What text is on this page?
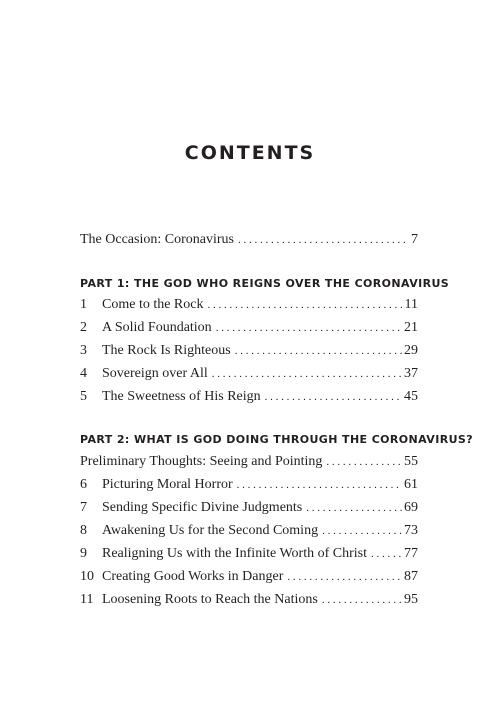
CONTENTS
The Occasion: Coronavirus . . .	7
PART 1: THE GOD WHO REIGNS OVER THE CORONAVIRUS
1	Come to the Rock . . .	11
2	A Solid Foundation . . .	21
3	The Rock Is Righteous . . .	29
4	Sovereign over All . . .	37
5	The Sweetness of His Reign . . .	45
PART 2: WHAT IS GOD DOING THROUGH THE CORONAVIRUS?
Preliminary Thoughts: Seeing and Pointing . . .	55
6	Picturing Moral Horror . . .	61
7	Sending Specific Divine Judgments . . .	69
8	Awakening Us for the Second Coming . . .	73
9	Realigning Us with the Infinite Worth of Christ . . .	77
10 Creating Good Works in Danger . . .	87
11 Loosening Roots to Reach the Nations . . .	95
